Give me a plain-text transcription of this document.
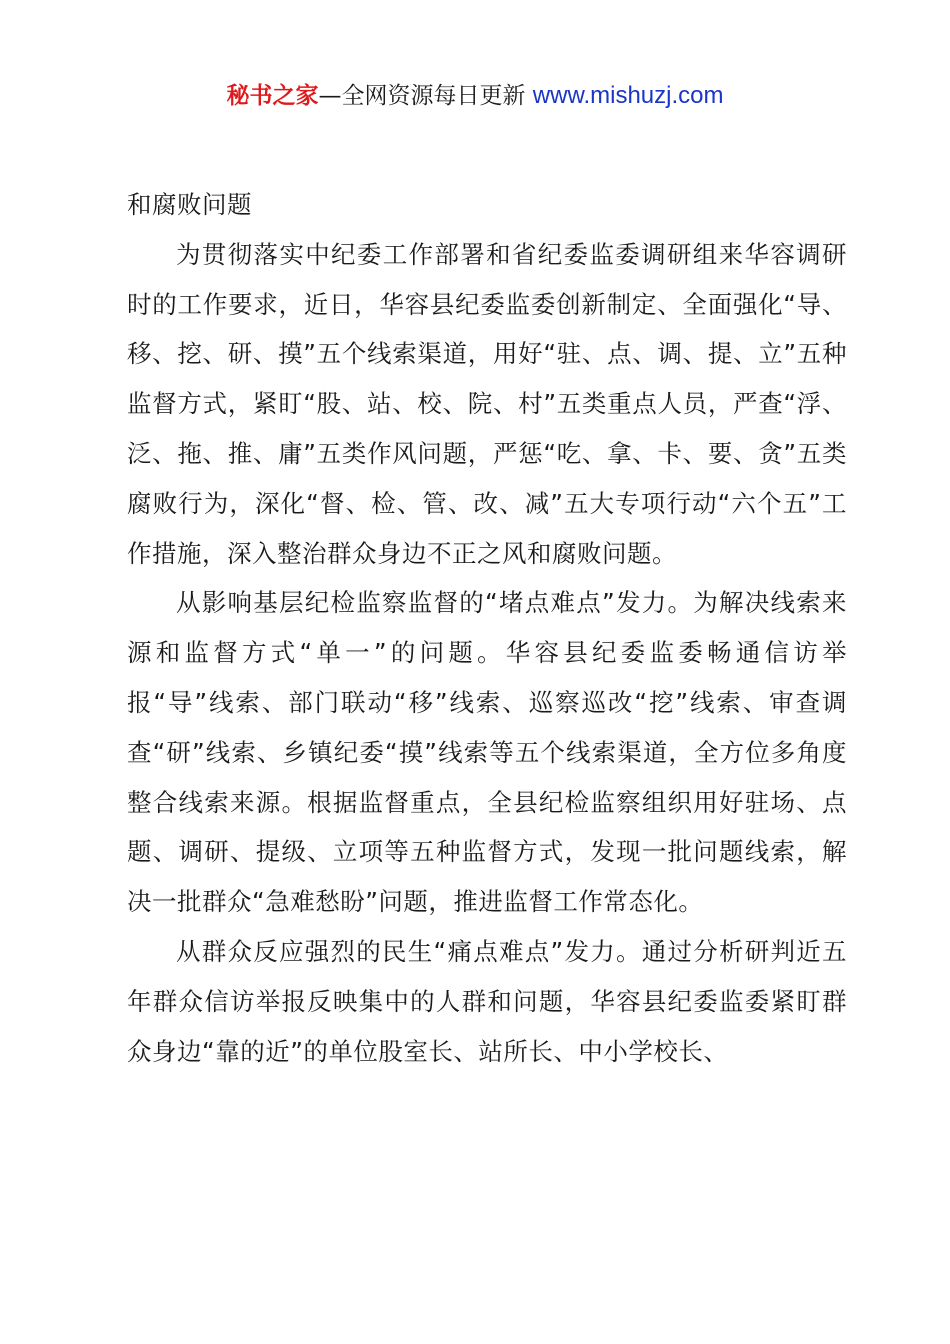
秘书之家—全网资源每日更新 www.mishuzj.com

和腐败问题

为贯彻落实中纪委工作部署和省纪委监委调研组来华容调研时的工作要求，近日，华容县纪委监委创新制定、全面强化“导、移、挖、研、摸”五个线索渠道，用好“驻、点、调、提、立”五种监督方式，紧盯“股、站、校、院、村”五类重点人员，严查“浮、泛、拖、推、庸”五类作风问题，严惩“吃、拿、卡、要、贪”五类腐败行为，深化“督、检、管、改、减”五大专项行动“六个五”工作措施，深入整治群众身边不正之风和腐败问题。

从影响基层纪检监察监督的“堵点难点”发力。为解决线索来源和监督方式“单一”的问题。华容县纪委监委畅通信访举报“导”线索、部门联动“移”线索、巡察巡改“挖”线索、审查调查“研”线索、乡镇纪委“摸”线索等五个线索渠道，全方位多角度整合线索来源。根据监督重点，全县纪检监察组织用好驻场、点题、调研、提级、立项等五种监督方式，发现一批问题线索，解决一批群众“急难愁盼”问题，推进监督工作常态化。

从群众反应强烈的民生“痛点难点”发力。通过分析研判近五年群众信访举报反映集中的人群和问题，华容县纪委监委紧盯群众身边“靠的近”的单位股室长、站所长、中小学校长、
